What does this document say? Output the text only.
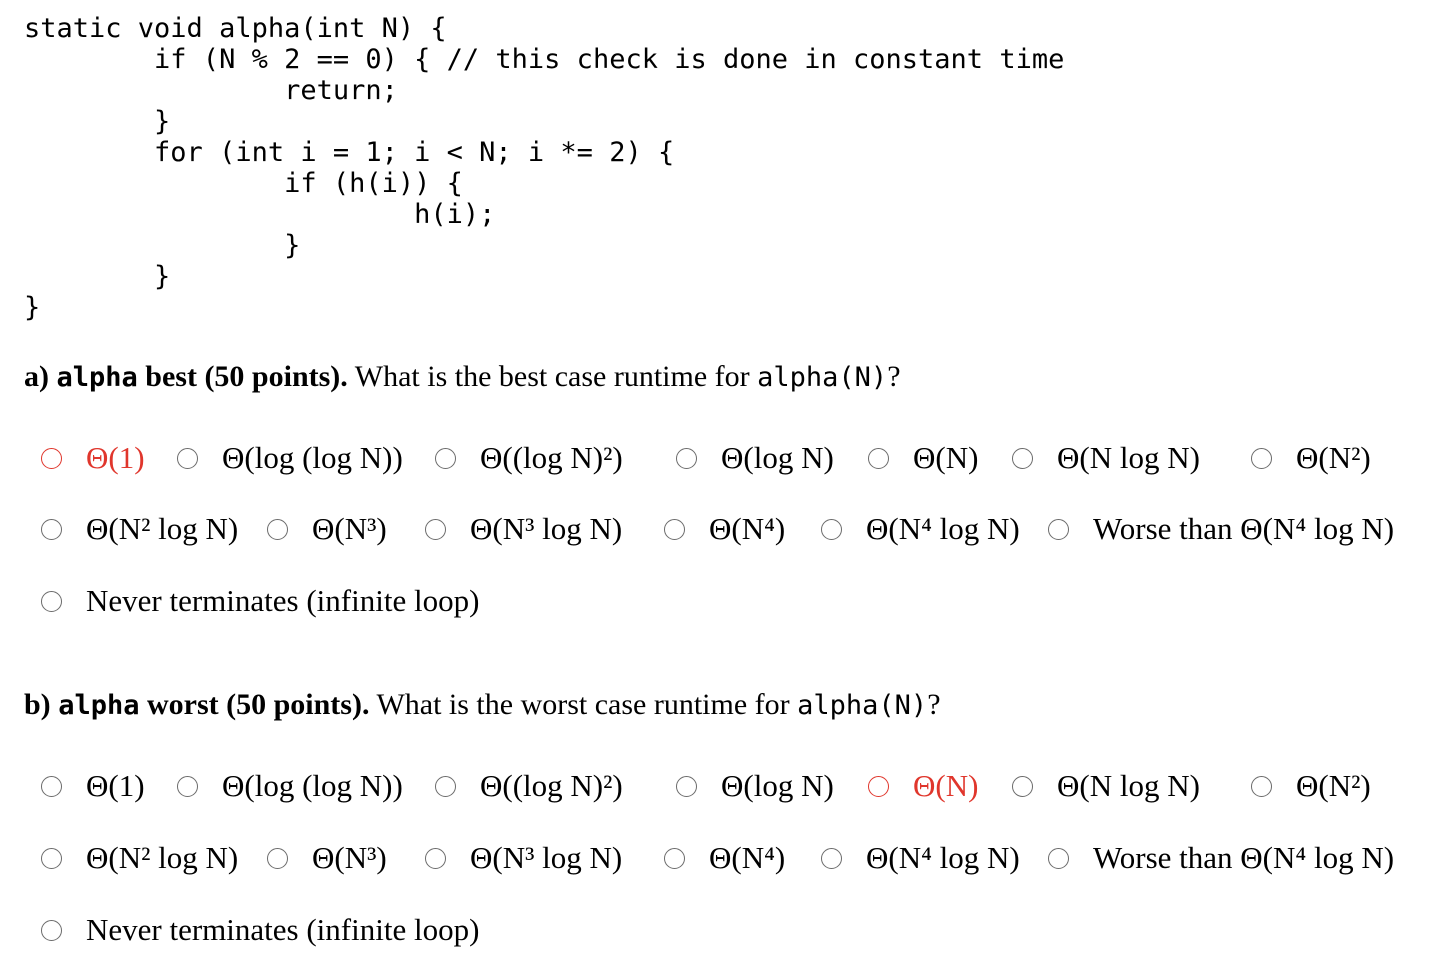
static void alpha(int N) {
if (N % 2 == 0) { // this check is done in constant time
return;
}
for (int i = 1; i < N; i *= 2) {
if (h(i)) {
h(i);
}
}
}
a) alpha best (50 points). What is the best case runtime for alpha(N)?
Θ(1) Θ(log (log N)) Θ((log N)²)	Θ(log N)	Θ(N)	Θ(N log N)	Θ(N²)
Θ(N² log N) Θ(N³)	Θ(N³ log N)	Θ(N⁴)	Θ(N⁴ log N) Worse than Θ(N⁴ log N)
Never terminates (infinite loop)
b) alpha worst (50 points). What is the worst case runtime for alpha(N)?
Θ(1) Θ(log (log N)) Θ((log N)²)	Θ(log N)	Θ(N)	Θ(N log N)	Θ(N²)
Θ(N² log N) Θ(N³)	Θ(N³ log N)	Θ(N⁴)	Θ(N⁴ log N) Worse than Θ(N⁴ log N)
Never terminates (infinite loop)
